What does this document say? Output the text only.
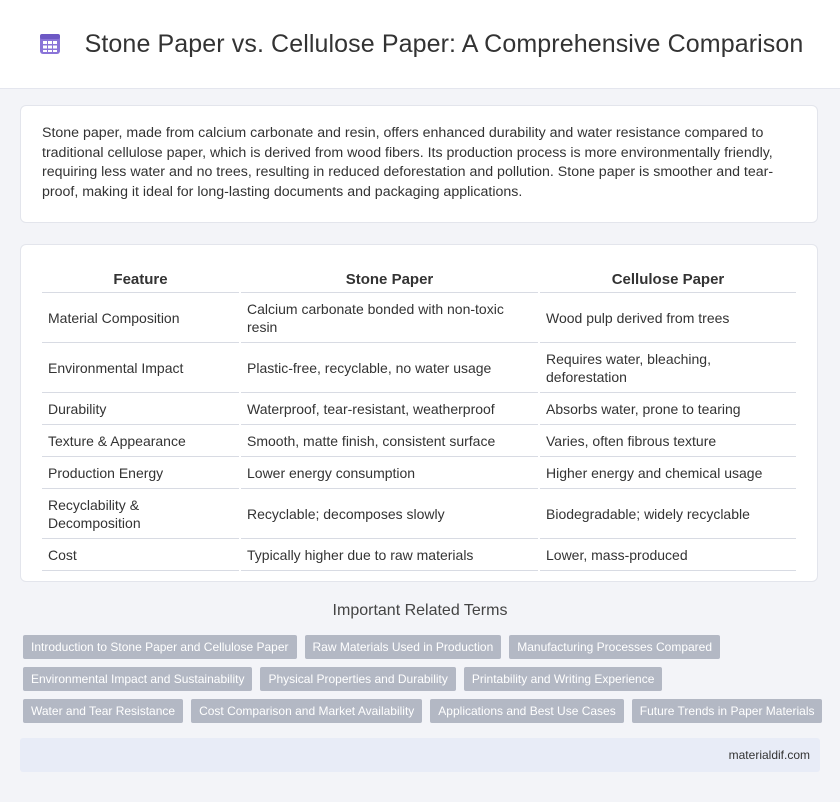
Stone Paper vs. Cellulose Paper: A Comprehensive Comparison

Stone paper, made from calcium carbonate and resin, offers enhanced durability and water resistance compared to traditional cellulose paper, which is derived from wood fibers. Its production process is more environmentally friendly, requiring less water and no trees, resulting in reduced deforestation and pollution. Stone paper is smoother and tear-proof, making it ideal for long-lasting documents and packaging applications.

Feature	Stone Paper	Cellulose Paper
Material Composition	Calcium carbonate bonded with non-toxic resin	Wood pulp derived from trees
Environmental Impact	Plastic-free, recyclable, no water usage	Requires water, bleaching, deforestation
Durability	Waterproof, tear-resistant, weatherproof	Absorbs water, prone to tearing
Texture & Appearance	Smooth, matte finish, consistent surface	Varies, often fibrous texture
Production Energy	Lower energy consumption	Higher energy and chemical usage
Recyclability & Decomposition	Recyclable; decomposes slowly	Biodegradable; widely recyclable
Cost	Typically higher due to raw materials	Lower, mass-produced
Important Related Terms
Introduction to Stone Paper and Cellulose Paper	Raw Materials Used in Production	Manufacturing Processes Compared
Environmental Impact and Sustainability	Physical Properties and Durability	Printability and Writing Experience
Water and Tear Resistance	Cost Comparison and Market Availability	Applications and Best Use Cases	Future Trends in Paper Materials
materialdif.com
